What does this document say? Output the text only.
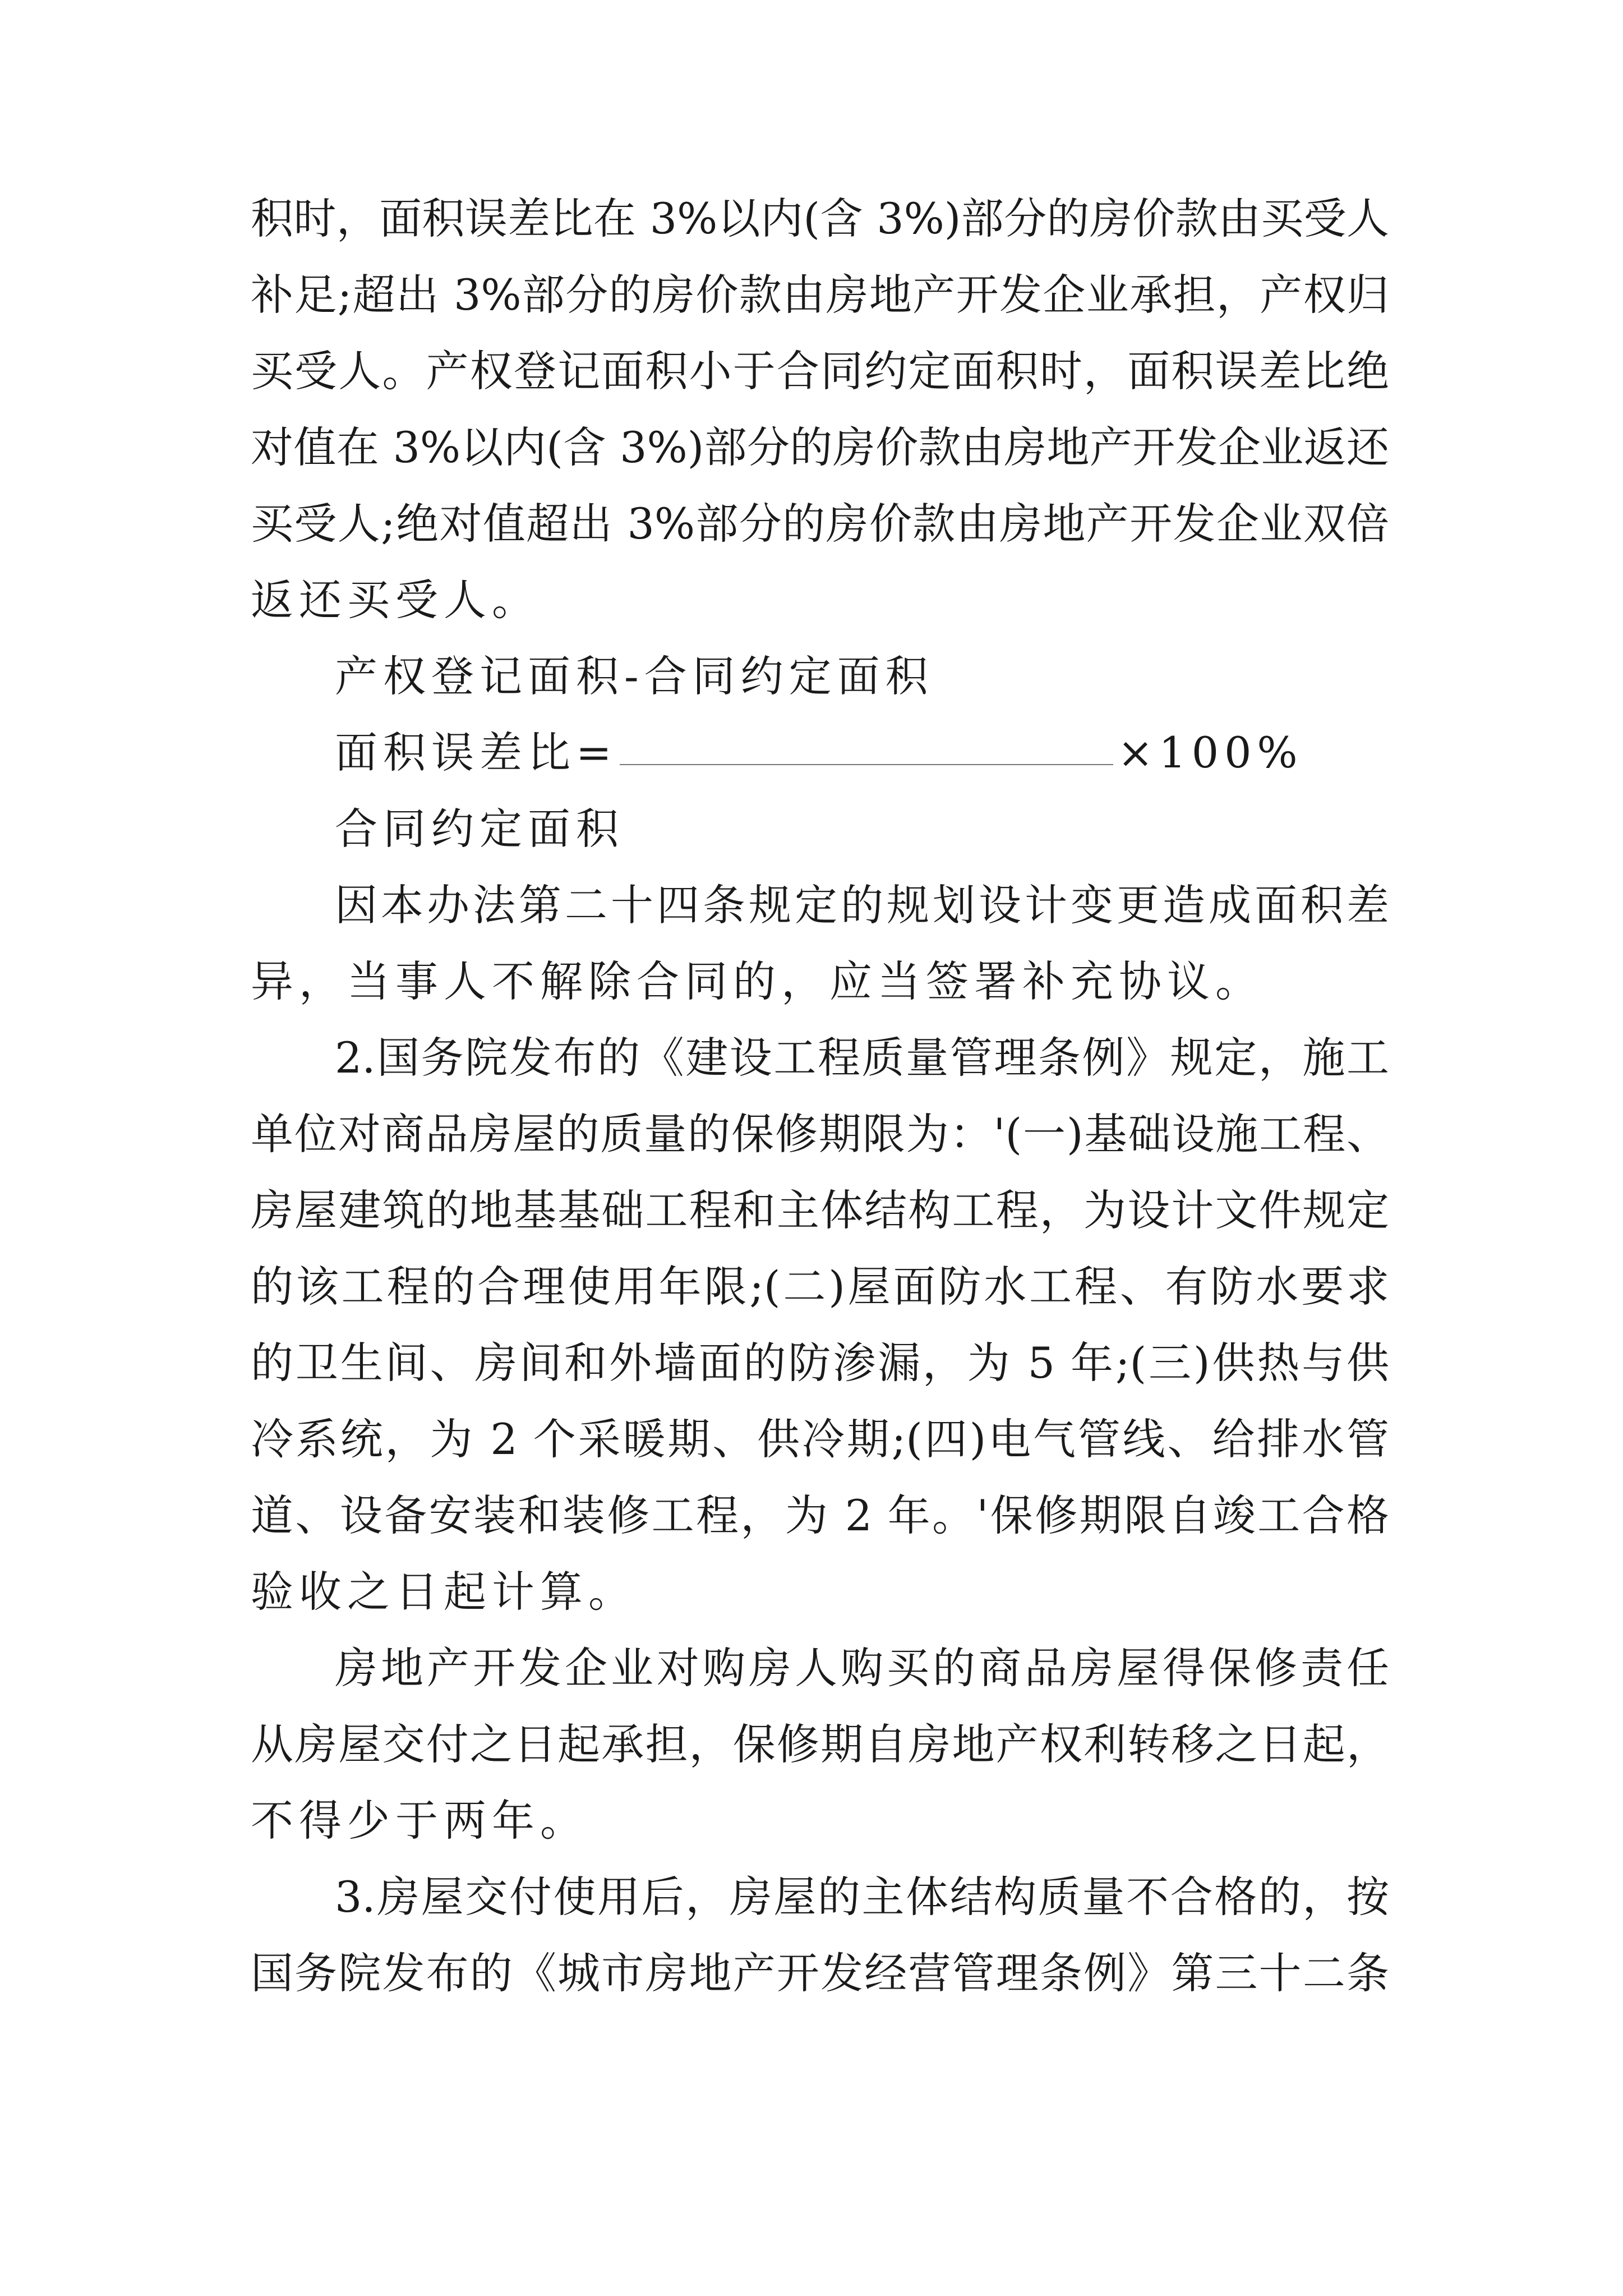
积时，面积误差比在 3%以内(含 3%)部分的房价款由买受人
补足;超出 3%部分的房价款由房地产开发企业承担，产权归
买受人。产权登记面积小于合同约定面积时，面积误差比绝
对值在 3%以内(含 3%)部分的房价款由房地产开发企业返还
买受人;绝对值超出 3%部分的房价款由房地产开发企业双倍
返还买受人。
产权登记面积-合同约定面积
面积误差比=	×100%
合同约定面积
因本办法第二十四条规定的规划设计变更造成面积差
异，当事人不解除合同的，应当签署补充协议。
2.国务院发布的《建设工程质量管理条例》规定，施工
单位对商品房屋的质量的保修期限为：'(一)基础设施工程、
房屋建筑的地基基础工程和主体结构工程，为设计文件规定
的该工程的合理使用年限;(二)屋面防水工程、有防水要求
的卫生间、房间和外墙面的防渗漏，为 5 年;(三)供热与供
冷系统，为 2 个采暖期、供冷期;(四)电气管线、给排水管
道、设备安装和装修工程，为 2 年。'保修期限自竣工合格
验收之日起计算。
房地产开发企业对购房人购买的商品房屋得保修责任
从房屋交付之日起承担，保修期自房地产权利转移之日起，
不得少于两年。
3.房屋交付使用后，房屋的主体结构质量不合格的，按
国务院发布的《城市房地产开发经营管理条例》第三十二条
